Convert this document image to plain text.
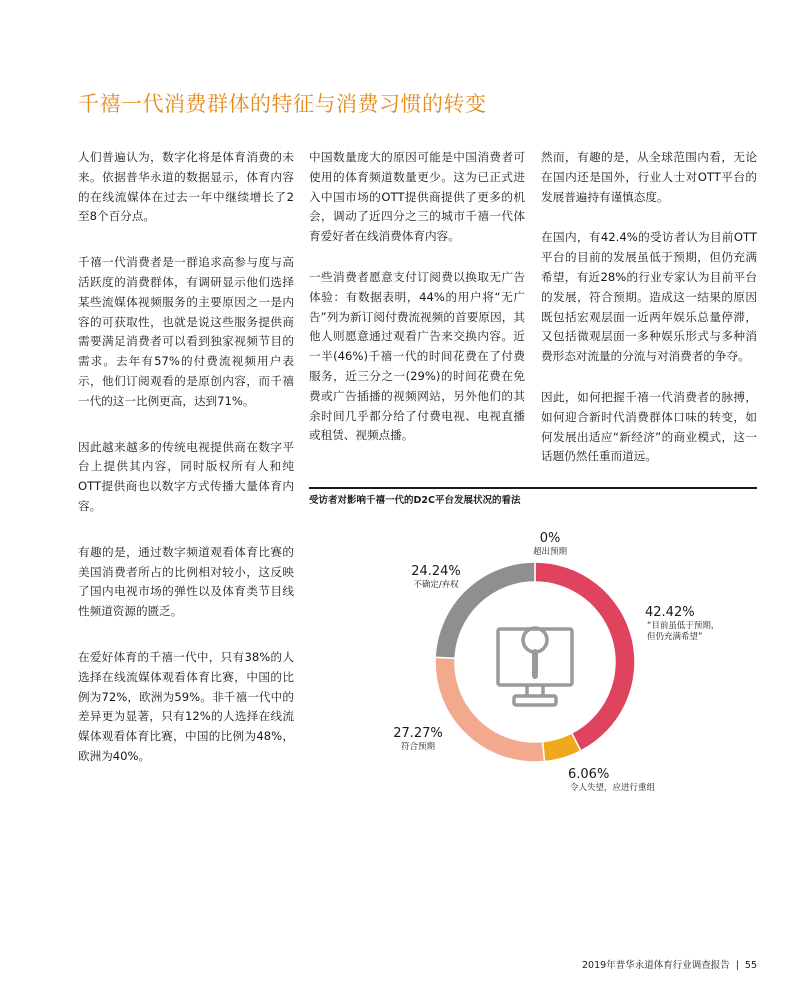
千禧一代消费群体的特征与消费习惯的转变

人们普遍认为，数字化将是体育消费的未来。依据普华永道的数据显示，体育内容的在线流媒体在过去一年中继续增长了2至8个百分点。

千禧一代消费者是一群追求高参与度与高活跃度的消费群体，有调研显示他们选择某些流媒体视频服务的主要原因之一是内容的可获取性，也就是说这些服务提供商需要满足消费者可以看到独家视频节目的需求。去年有57%的付费流视频用户表示，他们订阅观看的是原创内容，而千禧一代的这一比例更高，达到71%。

因此越来越多的传统电视提供商在数字平台上提供其内容，同时版权所有人和纯OTT提供商也以数字方式传播大量体育内容。

有趣的是，通过数字频道观看体育比赛的美国消费者所占的比例相对较小，这反映了国内电视市场的弹性以及体育类节目线性频道资源的匮乏。

在爱好体育的千禧一代中，只有38%的人选择在线流媒体观看体育比赛，中国的比例为72%，欧洲为59%。非千禧一代中的差异更为显著，只有12%的人选择在线流媒体观看体育比赛，中国的比例为48%，欧洲为40%。

中国数量庞大的原因可能是中国消费者可使用的体育频道数量更少。这为已正式进入中国市场的OTT提供商提供了更多的机会，调动了近四分之三的城市千禧一代体育爱好者在线消费体育内容。

一些消费者愿意支付订阅费以换取无广告体验：有数据表明，44%的用户将“无广告”列为新订阅付费流视频的首要原因，其他人则愿意通过观看广告来交换内容。近一半(46%)千禧一代的时间花费在了付费服务，近三分之一(29%)的时间花费在免费或广告插播的视频网站，另外他们的其余时间几乎都分给了付费电视、电视直播或租赁、视频点播。

然而，有趣的是，从全球范围内看，无论在国内还是国外，行业人士对OTT平台的发展普遍持有谨慎态度。

在国内，有42.4%的受访者认为目前OTT平台的目前的发展虽低于预期，但仍充满希望，有近28%的行业专家认为目前平台的发展，符合预期。造成这一结果的原因既包括宏观层面一近两年娱乐总量停滞，又包括微观层面一多种娱乐形式与多种消费形态对流量的分流与对消费者的争夺。

因此，如何把握千禧一代消费者的脉搏，如何迎合新时代消费群体口味的转变，如何发展出适应“新经济”的商业模式，这一话题仍然任重而道远。

受访者对影响千禧一代的D2C平台发展状况的看法
0%
超出预期
42.42%
“目前虽低于预期，
但仍充满希望”
6.06%
令人失望，应进行重组
27.27%
符合预期
24.24%
不确定/弃权
2019年普华永道体育行业调查报告 | 55
